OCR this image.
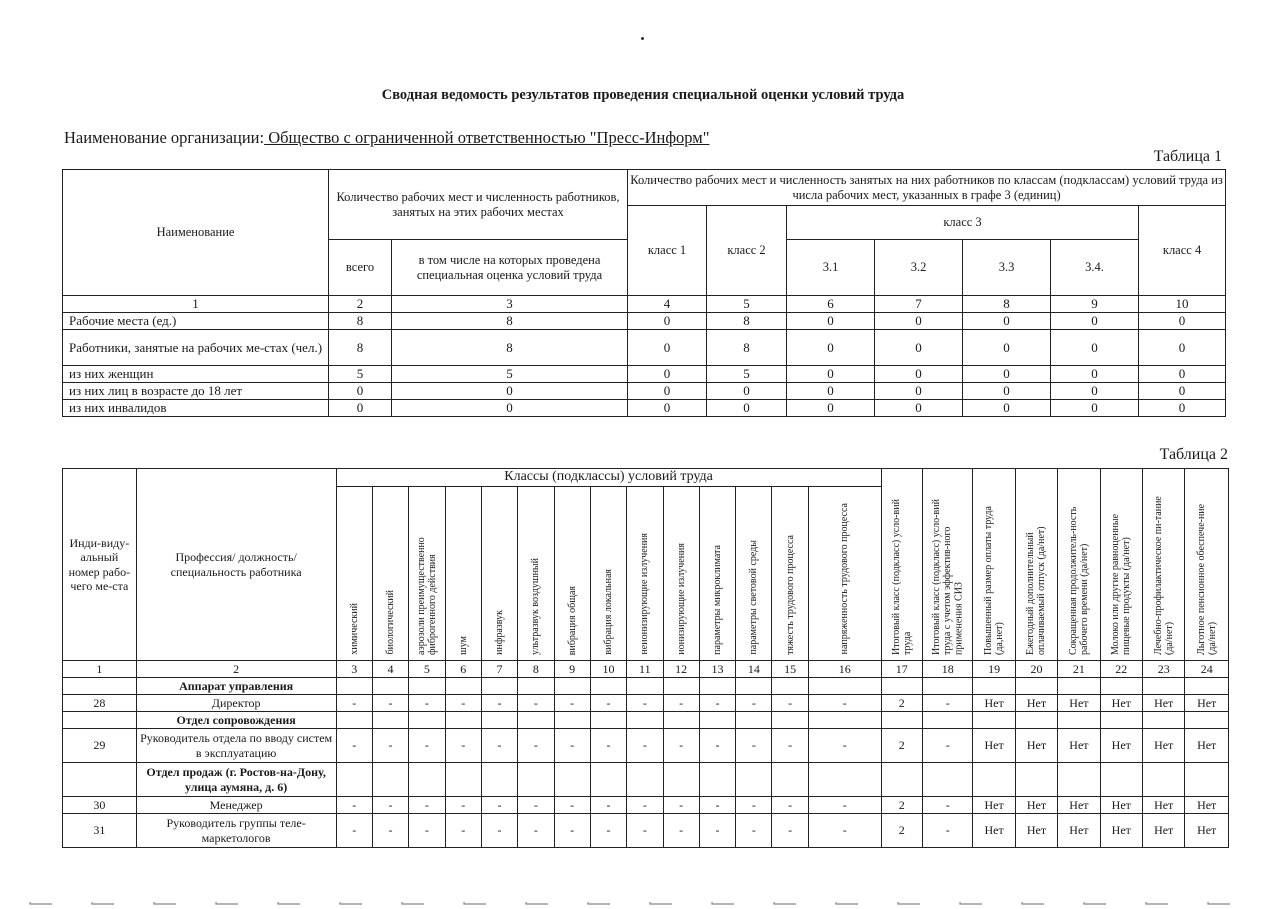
Сводная ведомость результатов проведения специальной оценки условий труда
Наименование организации: Общество с ограниченной ответственностью "Пресс-Информ"
Таблица 1
Наименование	Количество рабочих мест и численность работников, занятых на этих рабочих местах		Количество рабочих мест и численность занятых на них работников по классам (подклассам) условий труда из числа рабочих мест, указанных в графе 3 (единиц)						
			класс 1	класс 2	класс 3				класс 4
	всего	в том числе на которых проведена специальная оценка условий труда			3.1	3.2	3.3	3.4.	
1	2	3	4	5	6	7	8	9	10
Рабочие места (ед.)	8	8	0	8	0	0	0	0	0
Работники, занятые на рабочих ме-стах (чел.)	8	8	0	8	0	0	0	0	0
из них женщин	5	5	0	5	0	0	0	0	0
из них лиц в возрасте до 18 лет	0	0	0	0	0	0	0	0	0
из них инвалидов	0	0	0	0	0	0	0	0	0
Таблица 2
Инди-виду-альный номер рабо-чего ме-ста	Профессия/ должность/ специальность работника	Классы (подклассы) условий труда														Итоговый класс (подкласс) усло-вий труда	Итоговый класс (подкласс) усло-вий труда с учетом эффектив-ного применения СИЗ	Повышенный размер оплаты труда (да,нет)	Ежегодный дополнительный оплачиваемый отпуск (да/нет)	Сокращенная продолжитель-ность рабочего времени (да/нет)	Молоко или другие равноценные пищевые продукты (да/нет)	Лечебно-профилактическое пи-тание (да/нет)	Льготное пенсионное обеспече-ние (да/нет)
		химический	биологический	аэрозоли преимущественно фиброгенного действия	шум	инфразвук	ультразвук воздушный	вибрация общая	вибрация локальная	неионизирующие излучения	ионизирующие излучения	параметры микроклимата	параметры световой среды	тяжесть трудового процесса	напряженность трудового процесса								
1	2	3	4	5	6	7	8	9	10	11	12	13	14	15	16	17	18	19	20	21	22	23	24
	Аппарат управления																						
28	Директор	-	-	-	-	-	-	-	-	-	-	-	-	-	-	2	-	Нет	Нет	Нет	Нет	Нет	Нет
	Отдел сопровождения																						
29	Руководитель отдела по вводу систем в эксплуатацию	-	-	-	-	-	-	-	-	-	-	-	-	-	-	2	-	Нет	Нет	Нет	Нет	Нет	Нет
	Отдел продаж (г. Ростов-на-Дону, улица аумяна, д. 6)																						
30	Менеджер	-	-	-	-	-	-	-	-	-	-	-	-	-	-	2	-	Нет	Нет	Нет	Нет	Нет	Нет
31	Руководитель группы теле-маркетологов	-	-	-	-	-	-	-	-	-	-	-	-	-	-	2	-	Нет	Нет	Нет	Нет	Нет	Нет
